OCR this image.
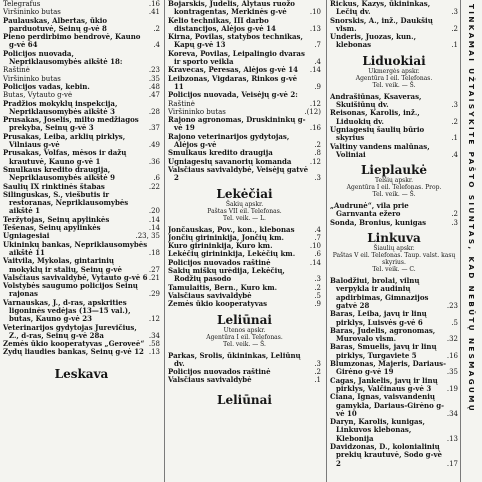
Telegrafus	.16
Viršininko butas	.41
Paulauskas, Albertas, ūkio parduotuvė, Seinų g-vė 8	.2
Pieno perdirbimo bendrovė, Kauno g-vė 64	.4
Policijos nuovada, Nepriklausomybės aikštė 18:
Raštinė	.23
Viršininko butas	.35
Policijos vadas, kebin.	.48
Butas, Vytauto g-vė	.47
Pradžios mokyklų inspekcija, Nepriklausomybės aikštė 3	.28
Prusakas, Joselis, milto medžiagos prekyba, Seinų g-vė 3	.37
Prusakas, Leiba, arklių pirklys, Vilniaus g-vė	.49
Prusakas, Volfas, mėsos ir dažų krautuvė, Kauno g-vė 1	.36
Smulkaus kredito draugija, Nepriklausomybės aikštė 9	.6
Šaulių IX rinktinės štabas	.22
Silinguskas, Š., viešbutis ir restoranas, Nepriklausomybės aikštė 1	.20
Teržytojas, Seinų apylinkės	.14
Tešenas, Seinų apylinkės	.14
Ugniagesiai	.23, 35
Ūkininkų bankas, Nepriklausomybės aikštė 11	.18
Vaitvila, Mykolas, gintarinių mokyklų ir stalių, Seinų g-vė	.27
Valsčiaus savivaldybė, Vytauto g-vė 6 .21
Volstybės saugumo policijos Seinų rajonas	.29
Varnauskas, J., d-ras, apskrities ligoninės vedėjas (13—15 val.), butas, Kauno g-vė 23	.12
Veterinarijos gydytojas Jurevičius, Z., d-ras, Seinų g-vė 28a	.34
Žemės ūkio kooperatyvas „Geroveė“ .58
Žydų liaudies bankas, Seinų g-vė 12 .13
Leskava
Bojarskis, Judelis, Alytaus ruožo kontragentas, Merkinės g-vė	.10
Kelio technikas, III darbo distancijos, Alėjos g-vė 14	.13
Kirna, Povilas, statybos technikas, Kapų g-vė 13	.7
Koreva, Povilas, Leipalingio dvaras ir sporto veikla	.4
Kravecas, Peresas, Alėjos g-vė 14	.14
Leibzonas, Vigdaras, Rinkos g-vė 11	.9
Policijos nuovada, Veisėjų g-vė 2:
Raštinė	.12
Viršininko butas	.(12)
Rajono agronomas, Druskininkų g-vė 19	.16
Rajono veterinarijos gydytojas, Alėjos g-vė	.2
Smulkaus kredito draugija	.8
Ugniagesių savanorių komanda	.12
Valsčiaus savivaldybė, Veisėjų gatvė 2	.3
Lekėčiai
Šakių apskr.
Paštas VII eil. Telefonas.
Tel. veik. — L.
Jončauskas, Pov., kon., klebonas	.4
Jončių girininkija, Jončių km.	.7
Kuro girininkija, Kuro km.	.10
Lekėčių girininkija, Lekėčių km.	.6
Policijos nuovados raštinė	.14
Šakių miškų urėdija, Lekėčių, Rodžių pasodo	.3
Tamulaitis, Bern., Kuro km.	.2
Valsčiaus savivaldybė	.5
Žemės ūkio kooperatyvas	.9
Leliūnai
Utenos apskr.
Agentūra I eil. Telefonas.
Tel. veik. — Š.
Parkas, Srolis, ūkininkas, Leliūnų dv.	.3
Policijos nuovados raštinė	.2
Valsčiaus savivaldybė	.1
Leliūnai
Rickus, Kazys, ūkininkas, Lečių dv.	.3
Snorskis, A., inž., Daukšių vlsm.	.2
Underis, Juozas, kun., klebonas	.1
Liduokiai
Ukmergės apskr.
Agentūra I eil. Telefonas.
Tel. veik. — Š.
Andrašiūnas, Ksaveras, Skuišiūnų dv.	.3
Reisonas, Karolis, inž., Liduokių dv.	.2
Ugniagesių šaulių būrio skyrius	.1
Valtiny vandens malūnas, Voliniai	.4
Lieplaukė
Telšių apskr.
Agentūra I eil. Telefonas. Prop.
Tel. veik. — Š.
„Audrunė“, vila prie Garnvanta ežero	.2
Sonda, Bronius, kunigas	.3
Linkuva
Šiaulių apskr.
Paštas V eil. Telefonas. Taup. valst. kasų skyrius.
Tel. veik. — C.
Balodžiui, brolai, vilnų verpykla ir audinių apdirbimas, Gimnazijos gatvė 28	.23
Baras, Leiba, javų ir linų pirklys, Luisvės g-vė 6	.5
Baras, Judelis, agronomas, Murovalo vlsm.	.32
Baras, Šmuelis, javų ir linų pirklys, Turgaviete 5	.16
Blumzonas, Majeris, Dariaus-Girėno g-vė 19	.35
Cagas, Jankelis, javų ir linų pirklys, Valčinaus g-vė 3	.19
Čiana, Ignas, vaisvandenių gamykla, Dariaus-Girėno g-vė 10	.34
Daryn, Karolis, kunigas, Linkuvos klebonas, Klebonija	.13
Davidzonas, D., kolonialinių prekių krautuvė, Sodo g-vė 2	.17
TINKAMAI UŽTAISYKITE PAŠTO SIUNTAS, KAD NEBŪTŲ NESMAGUMŲ
